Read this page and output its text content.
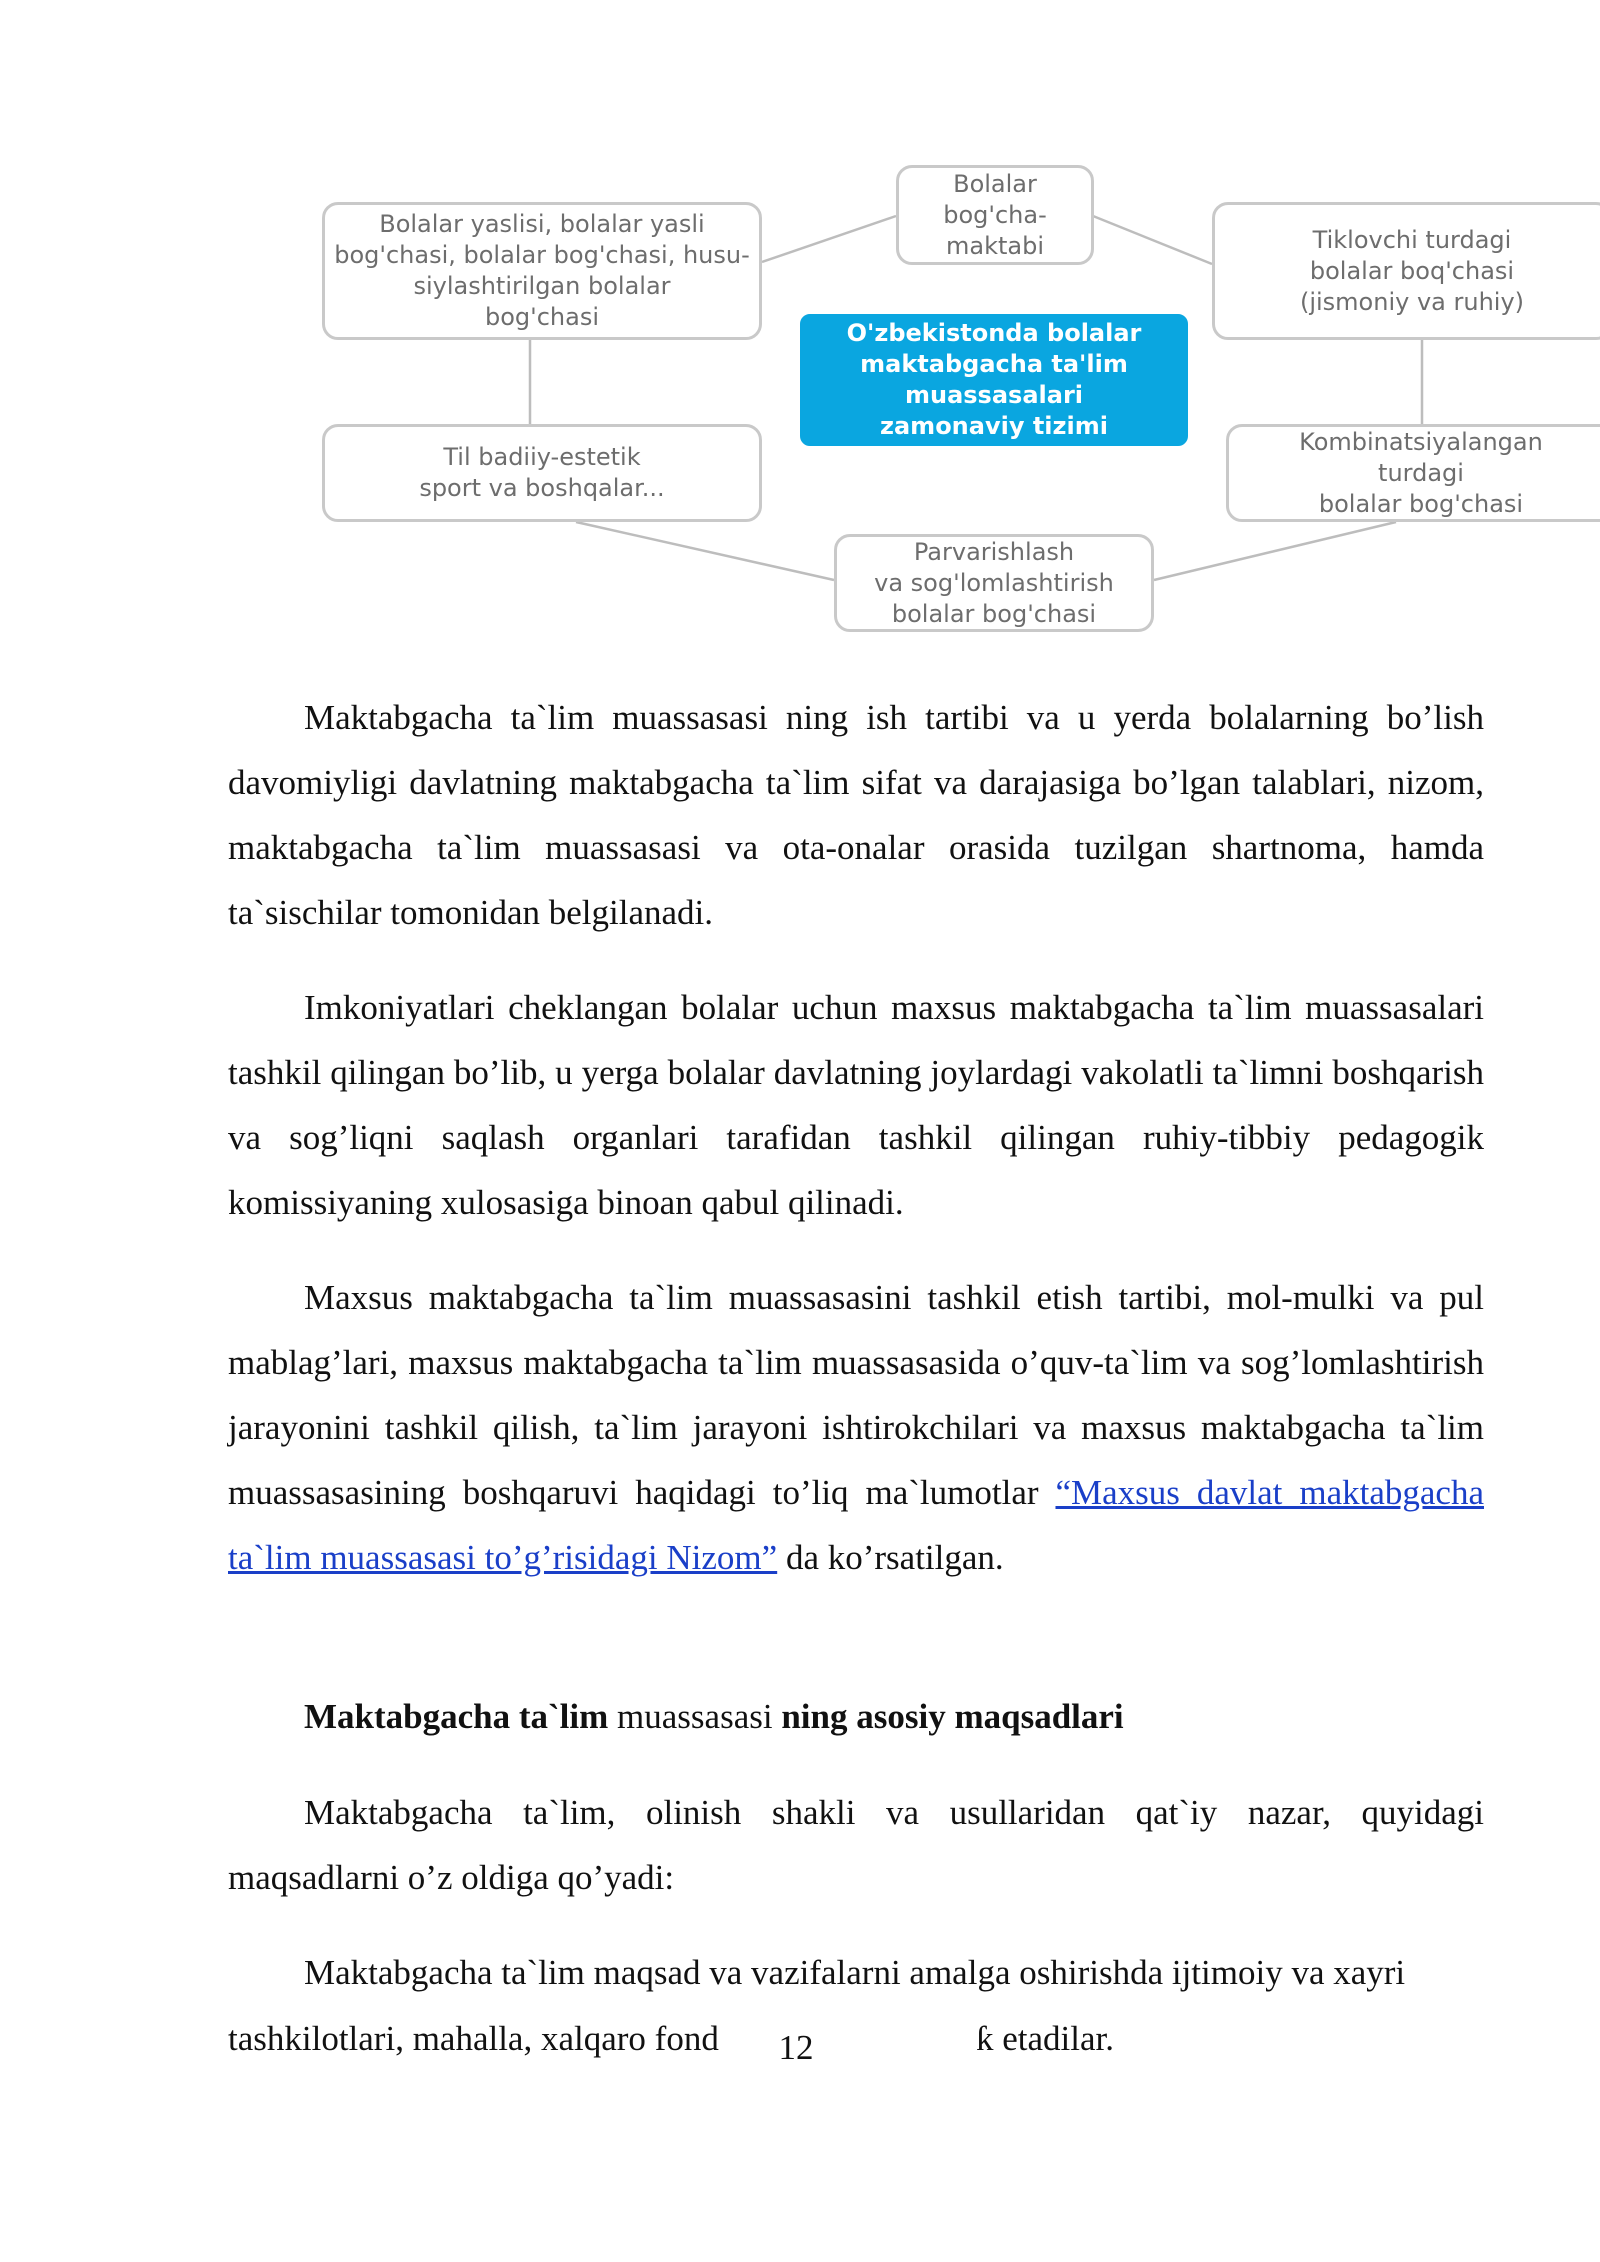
Bolalar yaslisi, bolalar yasli
bog'chasi, bolalar bog'chasi, husu-
siylashtirilgan bolalar
bog'chasi
Bolalar
bog'cha-
maktabi	Tiklovchi turdagi
bolalar boq'chasi
(jismoniy va ruhiy)
O'zbekistonda bolalar
maktabgacha ta'lim
muassasalari
zamonaviy tizimi
Til badiiy-estetik
sport va boshqalar...
Kombinatsiyalangan
turdagi
bolalar bog'chasi
Parvarishlash
va sog'lomlashtirish
bolalar bog'chasi

Maktabgacha ta`lim muassasasi ning ish tartibi va u yerda bolalarning bo’lish davomiyligi davlatning maktabgacha ta`lim sifat va darajasiga bo’lgan talablari, nizom, maktabgacha ta`lim muassasasi va ota-onalar orasida tuzilgan shartnoma, hamda ta`sischilar tomonidan belgilanadi.

Imkoniyatlari cheklangan bolalar uchun maxsus maktabgacha ta`lim muassasalari tashkil qilingan bo’lib, u yerga bolalar davlatning joylardagi vakolatli ta`limni boshqarish va sog’liqni saqlash organlari tarafidan tashkil qilingan ruhiy-tibbiy pedagogik komissiyaning xulosasiga binoan qabul qilinadi.

Maxsus maktabgacha ta`lim muassasasini tashkil etish tartibi, mol-mulki va pul mablag’lari, maxsus maktabgacha ta`lim muassasasida o’quv-ta`lim va sog’lomlashtirish jarayonini tashkil qilish, ta`lim jarayoni ishtirokchilari va maxsus maktabgacha ta`lim muassasasining boshqaruvi haqidagi to’liq ma`lumotlar “Maxsus davlat maktabgacha ta`lim muassasasi to’g’risidagi Nizom” da ko’rsatilgan.

Maktabgacha ta`lim muassasasi ning asosiy maqsadlari

Maktabgacha ta`lim, olinish shakli va usullaridan qat`iy nazar, quyidagi maqsadlarni o’z oldiga qo’yadi:

Maktabgacha ta`lim maqsad va vazifalarni amalga oshirishda ijtimoiy va xayri

tashkilotlari, mahalla, xalqaro fond	ƙ etadilar.

12
